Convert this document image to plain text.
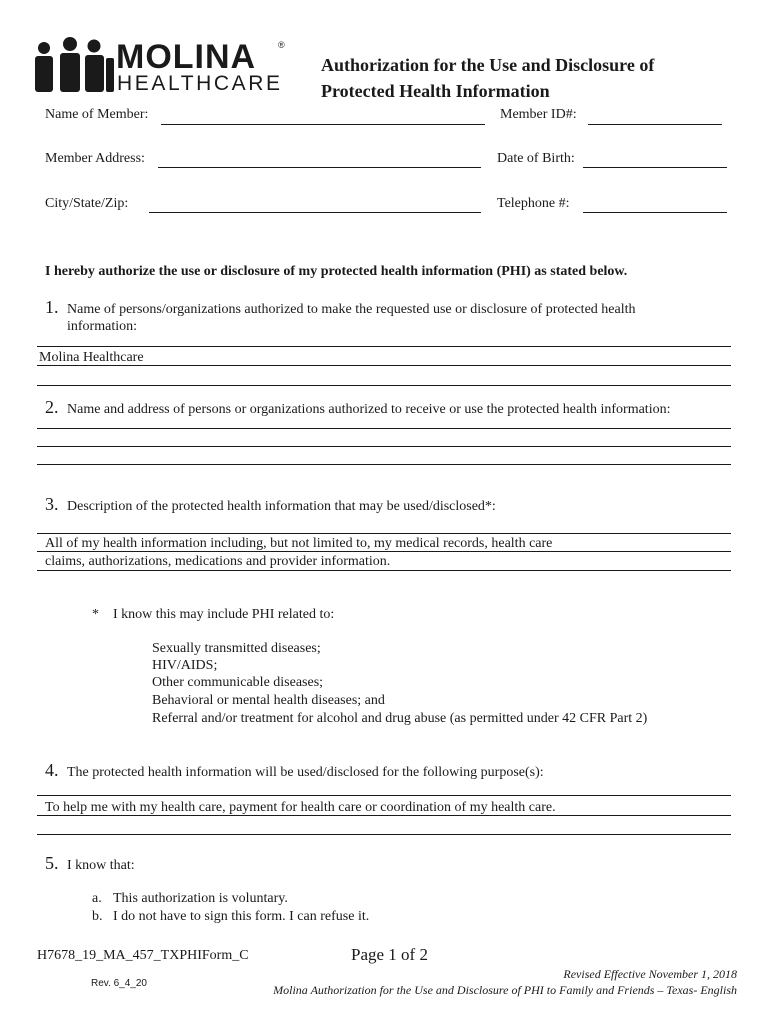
MOLINA ®
HEALTHCARE
Authorization for the Use and Disclosure of
Protected Health Information
Name of Member:	Member ID#:
Member Address:	Date of Birth:
City/State/Zip:	Telephone #:
I hereby authorize the use or disclosure of my protected health information (PHI) as stated below.
1. Name of persons/organizations authorized to make the requested use or disclosure of protected health
information:
Molina Healthcare
2. Name and address of persons or organizations authorized to receive or use the protected health information:
3. Description of the protected health information that may be used/disclosed*:
All of my health information including, but not limited to, my medical records, health care
claims, authorizations, medications and provider information.
* I know this may include PHI related to:
Sexually transmitted diseases;
HIV/AIDS;
Other communicable diseases;
Behavioral or mental health diseases; and
Referral and/or treatment for alcohol and drug abuse (as permitted under 42 CFR Part 2)
4. The protected health information will be used/disclosed for the following purpose(s):
To help me with my health care, payment for health care or coordination of my health care.
5. I know that:
a. This authorization is voluntary.
b. I do not have to sign this form. I can refuse it.
H7678_19_MA_457_TXPHIForm_C	Page 1 of 2
Rev. 6_4_20
Revised Effective November 1, 2018
Molina Authorization for the Use and Disclosure of PHI to Family and Friends – Texas- English
